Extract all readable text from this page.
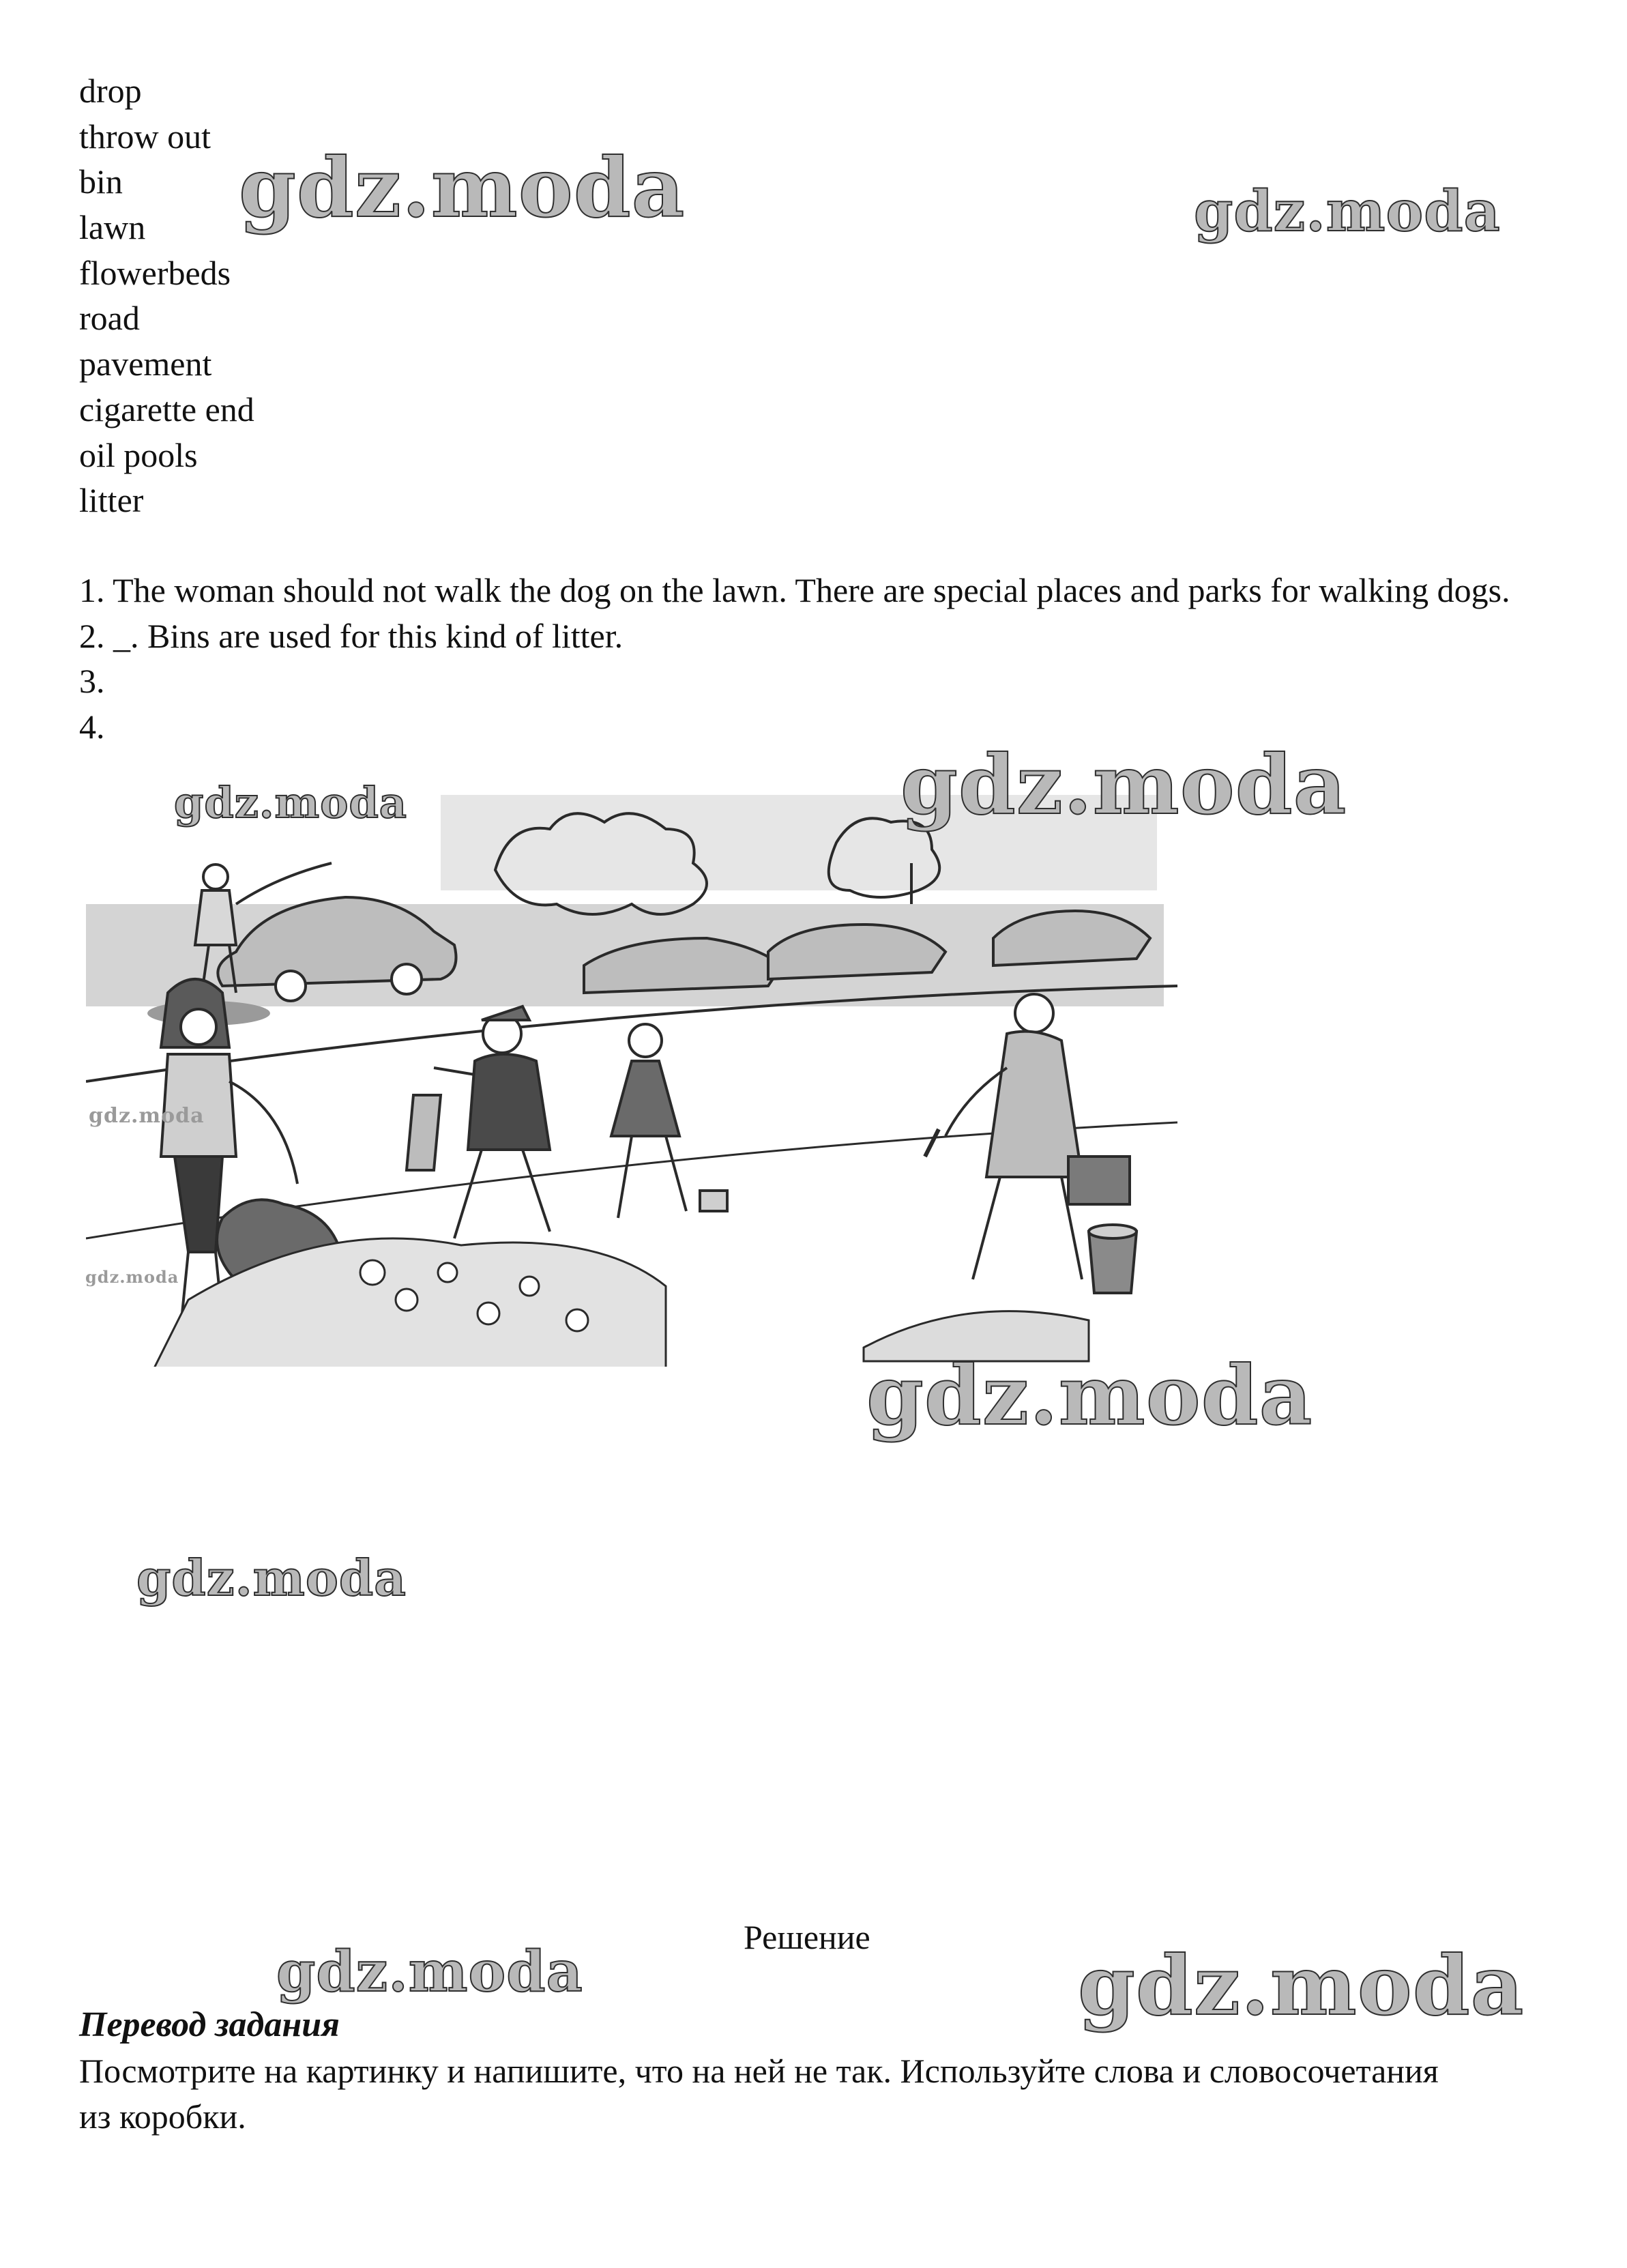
drop
throw out
bin
lawn
flowerbeds
road
pavement
cigarette end
oil pools
litter
1. The woman should not walk the dog on the lawn. There are special places and parks for walking dogs.
2. _. Bins are used for this kind of litter.
3.
4.
gdz.moda	gdz.moda
gdz.moda
gdz.moda
gdz.moda
gdz.moda
gdz.moda
gdz.moda
gdz.moda	gdz.moda
Решение
Перевод задания
Посмотрите на картинку и напишите, что на ней не так. Используйте слова и словосочетания из коробки.
